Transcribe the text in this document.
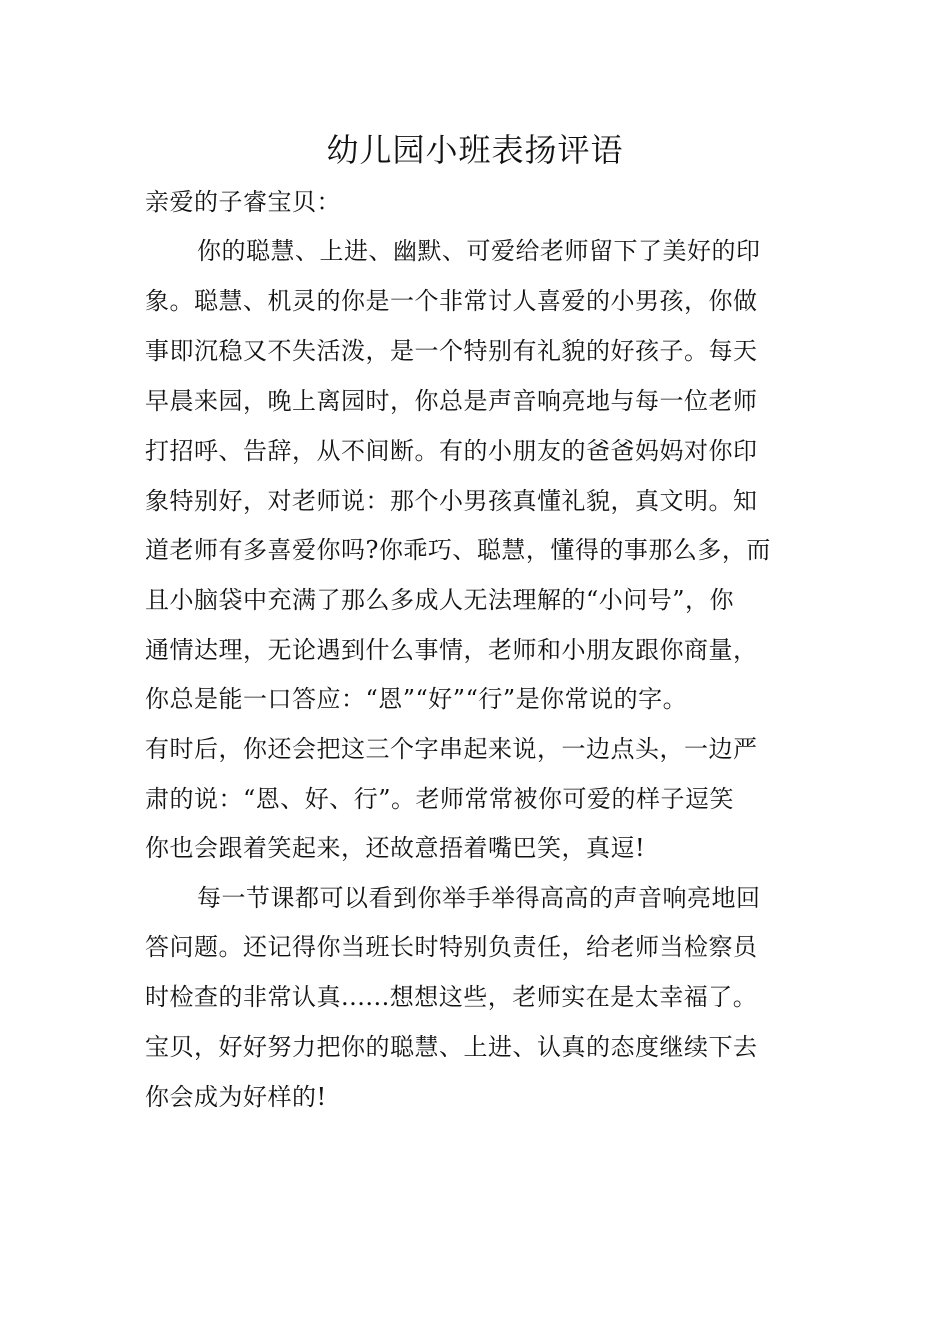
幼儿园小班表扬评语
亲爱的子睿宝贝：
你的聪慧、上进、幽默、可爱给老师留下了美好的印
象。聪慧、机灵的你是一个非常讨人喜爱的小男孩，你做
事即沉稳又不失活泼，是一个特别有礼貌的好孩子。每天
早晨来园，晚上离园时，你总是声音响亮地与每一位老师
打招呼、告辞，从不间断。有的小朋友的爸爸妈妈对你印
象特别好，对老师说：那个小男孩真懂礼貌，真文明。知
道老师有多喜爱你吗?你乖巧、聪慧，懂得的事那么多，而
且小脑袋中充满了那么多成人无法理解的“小问号”，你
通情达理，无论遇到什么事情，老师和小朋友跟你商量，
你总是能一口答应：“恩”“好”“行”是你常说的字。
有时后，你还会把这三个字串起来说，一边点头，一边严
肃的说：“恩、好、行”。老师常常被你可爱的样子逗笑
你也会跟着笑起来，还故意捂着嘴巴笑，真逗!
每一节课都可以看到你举手举得高高的声音响亮地回
答问题。还记得你当班长时特别负责任，给老师当检察员
时检查的非常认真......想想这些，老师实在是太幸福了。
宝贝，好好努力把你的聪慧、上进、认真的态度继续下去
你会成为好样的!
